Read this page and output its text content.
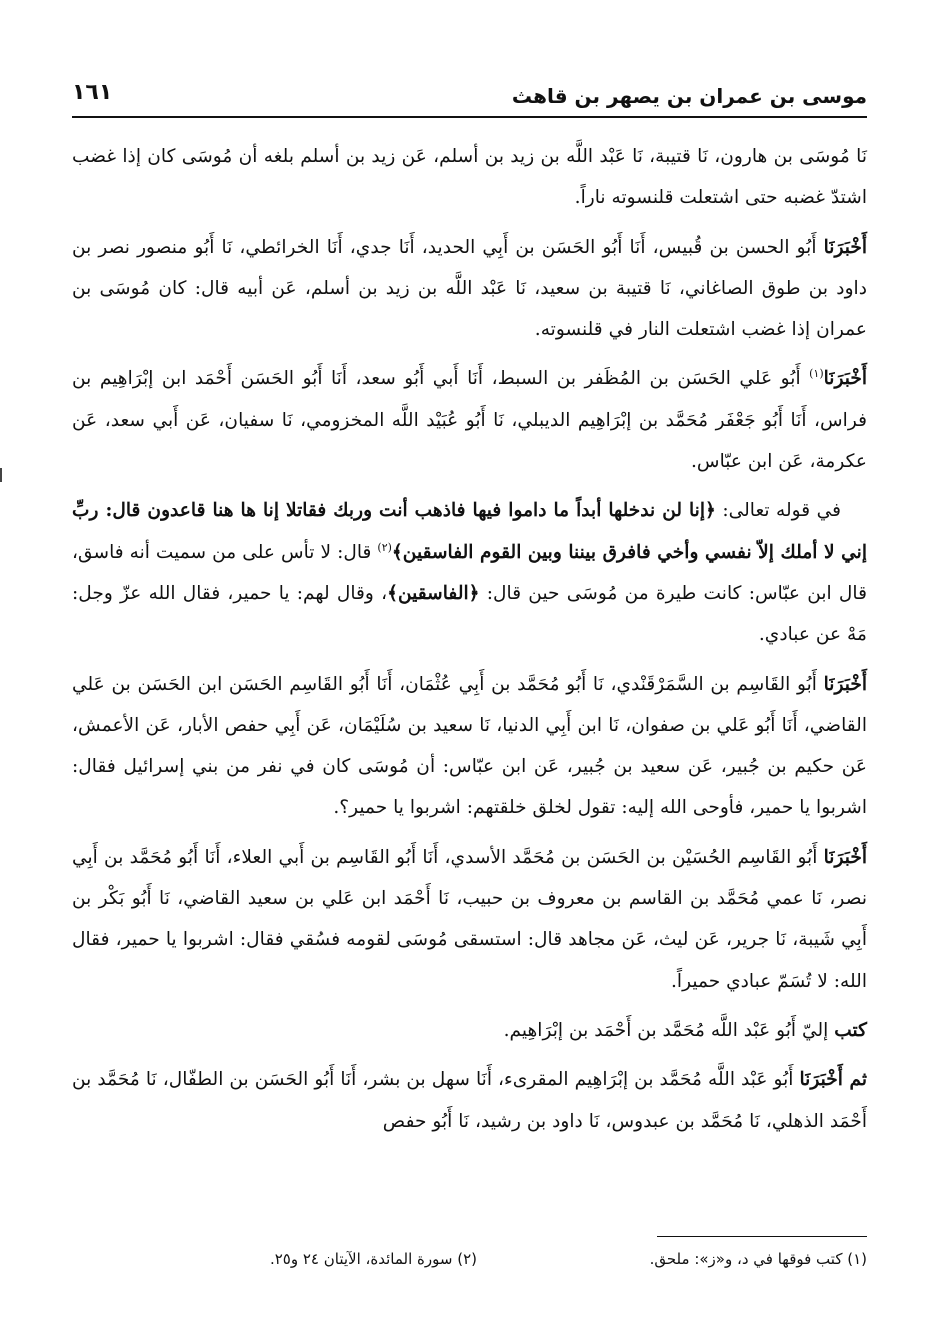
موسى بن عمران بن يصهر بن قاهث
١٦١

نَا مُوسَى بن هارون، نَا قتيبة، نَا عَبْد اللَّه بن زيد بن أسلم، عَن زيد بن أسلم بلغه أن مُوسَى كان إذا غضب اشتدّ غضبه حتى اشتعلت قلنسوته ناراً.

أَخْبَرَنَا أَبُو الحسن بن قُبيس، أَنَا أَبُو الحَسَن بن أَبِي الحديد، أَنَا جدي، أَنَا الخرائطي، نَا أَبُو منصور نصر بن داود بن طوق الصاغاني، نَا قتيبة بن سعيد، نَا عَبْد اللَّه بن زيد بن أسلم، عَن أبيه قال: كان مُوسَى بن عمران إذا غضب اشتعلت النار في قلنسوته.

أَخْبَرَنَا$^{(١)}$ أَبُو عَلي الحَسَن بن المُظَفر بن السبط، أَنَا أَبي أَبُو سعد، أَنَا أَبُو الحَسَن أَحْمَد ابن إبْرَاهِيم بن فراس، أَنَا أَبُو جَعْفَر مُحَمَّد بن إبْرَاهِيم الديبلي، نَا أَبُو عُبَيْد اللَّه المخزومي، نَا سفيان، عَن أَبي سعد، عَن عكرمة، عَن ابن عبّاس.

في قوله تعالى: ﴿إنا لن ندخلها أبداً ما داموا فيها فاذهب أنت وربك فقاتلا إنا ها هنا قاعدون قال: ربِّ إني لا أملك إلاّ نفسي وأخي فافرق بيننا وبين القوم الفاسقين﴾$^{(٢)}$ قال: لا تأس على من سميت أنه فاسق، قال ابن عبّاس: كانت طيرة من مُوسَى حين قال: ﴿الفاسقين﴾، وقال لهم: يا حمير، فقال الله عزّ وجل: مَهْ عن عبادي.

أَخْبَرَنَا أَبُو القَاسِم بن السَّمَرْقَنْدي، نَا أَبُو مُحَمَّد بن أَبِي عُثْمَان، أَنَا أَبُو القَاسِم الحَسَن ابن الحَسَن بن عَلي القاضي، أَنَا أَبُو عَلي بن صفوان، نَا ابن أَبِي الدنيا، نَا سعيد بن سُلَيْمَان، عَن أَبِي حفص الأبار، عَن الأعمش، عَن حكيم بن جُبير، عَن سعيد بن جُبير، عَن ابن عبّاس: أن مُوسَى كان في نفر من بني إسرائيل فقال: اشربوا يا حمير، فأوحى الله إليه: تقول لخلق خلقتهم: اشربوا يا حمير؟.

أَخْبَرَنَا أَبُو القَاسِم الحُسَيْن بن الحَسَن بن مُحَمَّد الأسدي، أَنَا أَبُو القَاسِم بن أَبي العلاء، أَنَا أَبُو مُحَمَّد بن أَبِي نصر، نَا عمي مُحَمَّد بن القاسم بن معروف بن حبيب، نَا أَحْمَد ابن عَلي بن سعيد القاضي، نَا أَبُو بَكْر بن أَبِي شَيبة، نَا جرير، عَن ليث، عَن مجاهد قال: استسقى مُوسَى لقومه فسُقي فقال: اشربوا يا حمير، فقال الله: لا تُسَمّ عبادي حميراً.

كتب إليّ أَبُو عَبْد اللَّه مُحَمَّد بن أَحْمَد بن إبْرَاهِيم.

ثم أَخْبَرَنَا أَبُو عَبْد اللَّه مُحَمَّد بن إبْرَاهِيم المقرىء، أَنَا سهل بن بشر، أَنَا أَبُو الحَسَن بن الطفّال، نَا مُحَمَّد بن أَحْمَد الذهلي، نَا مُحَمَّد بن عبدوس، نَا داود بن رشيد، نَا أَبُو حفص

(١) كتب فوقها في د، و«ز»: ملحق.
(٢) سورة المائدة، الآيتان ٢٤ و٢٥.
